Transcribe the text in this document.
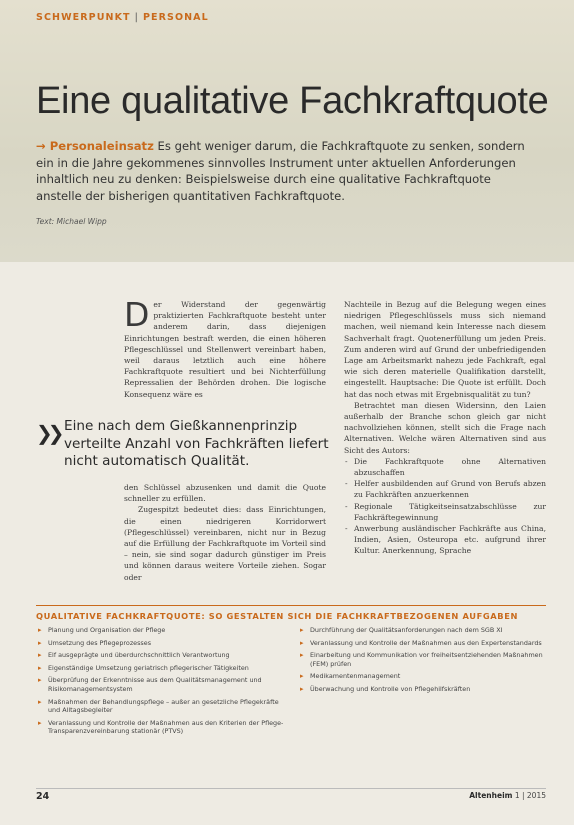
SCHWERPUNKT | PERSONAL
Eine qualitative Fachkraftquote
→ Personaleinsatz Es geht weniger darum, die Fachkraftquote zu senken, sondern ein in die Jahre gekommenes sinnvolles Instrument unter aktuellen Anforderungen inhaltlich neu zu denken: Beispielsweise durch eine qualitative Fachkraftquote anstelle der bisherigen quantitativen Fachkraftquote.
Text: Michael Wipp
Der Widerstand der gegenwärtig praktizierten Fachkraftquote besteht unter anderem darin, dass diejenigen Einrichtungen bestraft werden, die einen höheren Pflegeschlüssel und Stellenwert vereinbart haben, weil daraus letztlich auch eine höhere Fachkraftquote resultiert und bei Nichterfüllung Repressalien der Behörden drohen. Die logische Konsequenz wäre es
❯❯ Eine nach dem Gießkannenprinzip verteilte Anzahl von Fachkräften liefert nicht automatisch Qualität.
den Schlüssel abzusenken und damit die Quote schneller zu erfüllen.
Zugespitzt bedeutet dies: dass Einrichtungen, die einen niedrigeren Korridorwert (Pflegeschlüssel) vereinbaren, nicht nur in Bezug auf die Erfüllung der Fachkraftquote im Vorteil sind – nein, sie sind sogar dadurch günstiger im Preis und können daraus weitere Vorteile ziehen. Sogar oder
Nachteile in Bezug auf die Belegung wegen eines niedrigen Pflegeschlüssels muss sich niemand machen, weil niemand kein Interesse nach diesem Sachverhalt fragt. Quotenerfüllung um jeden Preis. Zum anderen wird auf Grund der unbefriedigenden Lage am Arbeitsmarkt nahezu jede Fachkraft, egal wie sich deren materielle Qualifikation darstellt, eingestellt. Hauptsache: Die Quote ist erfüllt. Doch hat das noch etwas mit Ergebnisqualität zu tun?
Betrachtet man diesen Widersinn, den Laien außerhalb der Branche schon gleich gar nicht nachvollziehen können, stellt sich die Frage nach Alternativen. Welche wären Alternativen sind aus Sicht des Autors:
- Die Fachkraftquote ohne Alternativen abzuschaffen
- Helfer ausbildenden auf Grund von Berufs abzen zu Fachkräften anzuerkennen
- Regionale Tätigkeitseinsatzabschlüsse zur Fachkräftegewinnung
- Anwerbung ausländischer Fachkräfte aus China, Indien, Asien, Osteuropa etc. aufgrund ihrer Kultur. Anerkennung, Sprache
QUALITATIVE FACHKRAFTQUOTE: SO GESTALTEN SICH DIE FACHKRAFTBEZOGENEN AUFGABEN
▸ Planung und Organisation der Pflege
▸ Umsetzung des Pflegeprozesses
▸ Elf ausgeprägte und überdurchschnittlich Verantwortung
▸ Eigenständige Umsetzung geriatrisch pflegerischer Tätigkeiten
▸ Überprüfung der Erkenntnisse aus dem Qualitätsmanagement und Risikomanagementsystem
▸ Maßnahmen der Behandlungspflege – außer an gesetzliche Pflegekräfte und Alltagsbegleiter
▸ Veranlassung und Kontrolle der Maßnahmen aus den Kriterien der Pflege-Transparenzvereinbarung stationär (PTVS)
▸ Durchführung der Qualitätsanforderungen nach dem SGB XI
▸ Veranlassung und Kontrolle der Maßnahmen aus den Expertenstandards
▸ Einarbeitung und Kommunikation vor freiheitsentziehenden Maßnahmen (FEM) prüfen
▸ Medikamentenmanagement
▸ Überwachung und Kontrolle von Pflegehilfskräften
24	Altenheim 1 | 2015
